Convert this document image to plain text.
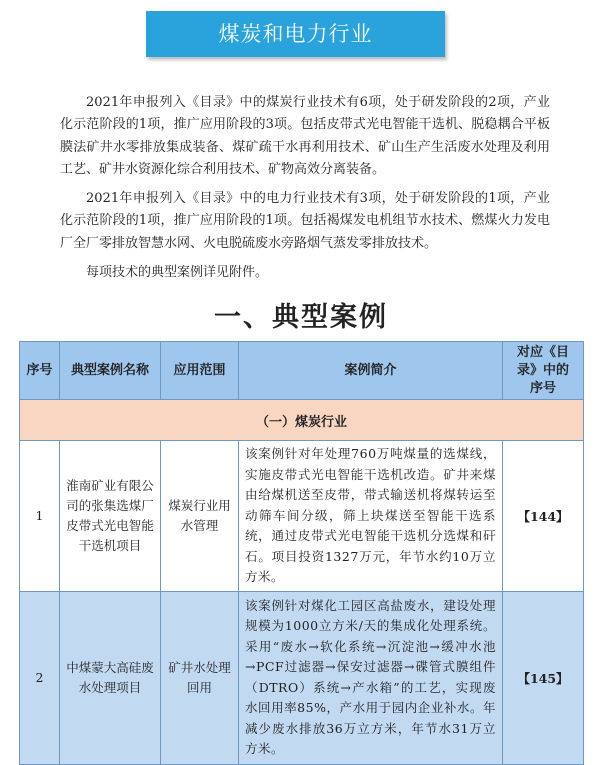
煤炭和电力行业

2021年申报列入《目录》中的煤炭行业技术有6项，处于研发阶段的2项，产业化示范阶段的1项，推广应用阶段的3项。包括皮带式光电智能干选机、脱稳耦合平板膜法矿井水零排放集成装备、煤矿疏干水再利用技术、矿山生产生活废水处理及利用工艺、矿井水资源化综合利用技术、矿物高效分离装备。

2021年申报列入《目录》中的电力行业技术有3项，处于研发阶段的1项，产业化示范阶段的1项，推广应用阶段的1项。包括褐煤发电机组节水技术、燃煤火力发电厂全厂零排放智慧水网、火电脱硫废水旁路烟气蒸发零排放技术。

每项技术的典型案例详见附件。

一、典型案例
序号	典型案例名称	应用范围	案例简介	对应《目录》中的序号
（一）煤炭行业				
1	淮南矿业有限公司的张集选煤厂皮带式光电智能干选机项目	煤炭行业用水管理	该案例针对年处理760万吨煤量的选煤线，实施皮带式光电智能干选机改造。矿井来煤由给煤机送至皮带，带式输送机将煤转运至动筛车间分级，筛上块煤送至智能干选系统，通过皮带式光电智能干选机分选煤和矸石。项目投资1327万元，年节水约10万立方米。	【144】
2	中煤蒙大高硅废水处理项目	矿井水处理回用	该案例针对煤化工园区高盐废水，建设处理规模为1000立方米/天的集成化处理系统。采用“废水→软化系统→沉淀池→缓冲水池→PCF过滤器→保安过滤器→碟管式膜组件（DTRO）系统→产水箱”的工艺，实现废水回用率85%，产水用于园内企业补水。年减少废水排放36万立方米，年节水31万立方米。	【145】
